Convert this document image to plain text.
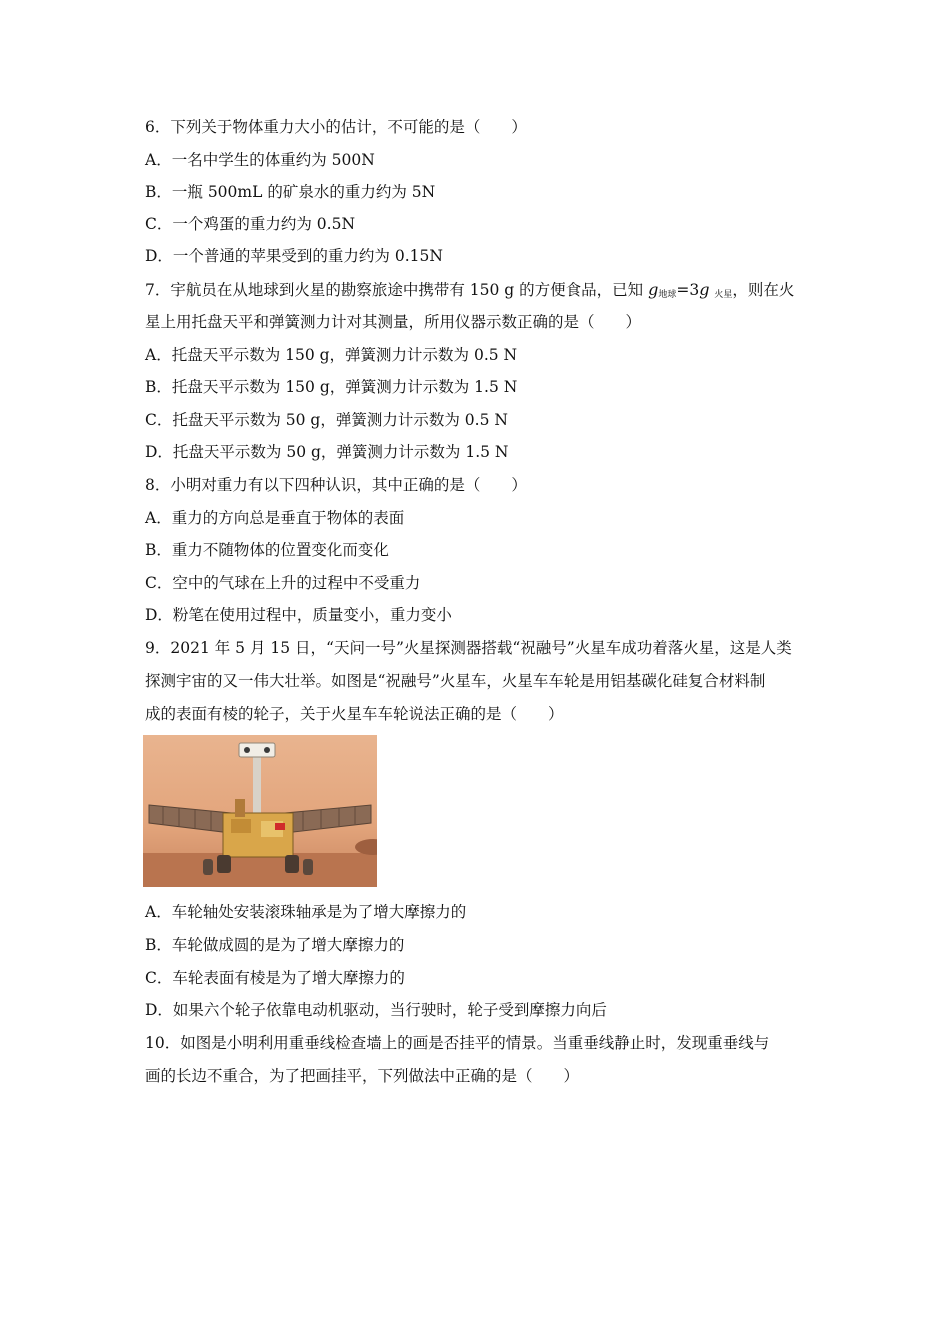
6．下列关于物体重力大小的估计，不可能的是（　　）
A．一名中学生的体重约为 500N
B．一瓶 500mL 的矿泉水的重力约为 5N
C．一个鸡蛋的重力约为 0.5N
D．一个普通的苹果受到的重力约为 0.15N
7．宇航员在从地球到火星的勘察旅途中携带有 150 g 的方便食品，已知 $g_{地球}=3g$ $_{火星}$，则在火
星上用托盘天平和弹簧测力计对其测量，所用仪器示数正确的是（　　）
A．托盘天平示数为 150 g，弹簧测力计示数为 0.5 N
B．托盘天平示数为 150 g，弹簧测力计示数为 1.5 N
C．托盘天平示数为 50 g，弹簧测力计示数为 0.5 N
D．托盘天平示数为 50 g，弹簧测力计示数为 1.5 N
8．小明对重力有以下四种认识，其中正确的是（　　）
A．重力的方向总是垂直于物体的表面
B．重力不随物体的位置变化而变化
C．空中的气球在上升的过程中不受重力
D．粉笔在使用过程中，质量变小，重力变小
9．2021 年 5 月 15 日，“天问一号”火星探测器搭载“祝融号”火星车成功着落火星，这是人类
探测宇宙的又一伟大壮举。如图是“祝融号”火星车，火星车车轮是用铝基碳化硅复合材料制
成的表面有棱的轮子，关于火星车车轮说法正确的是（　　）
A．车轮轴处安装滚珠轴承是为了增大摩擦力的
B．车轮做成圆的是为了增大摩擦力的
C．车轮表面有棱是为了增大摩擦力的
D．如果六个轮子依靠电动机驱动，当行驶时，轮子受到摩擦力向后
10．如图是小明利用重垂线检查墙上的画是否挂平的情景。当重垂线静止时，发现重垂线与
画的长边不重合，为了把画挂平，下列做法中正确的是（　　）
